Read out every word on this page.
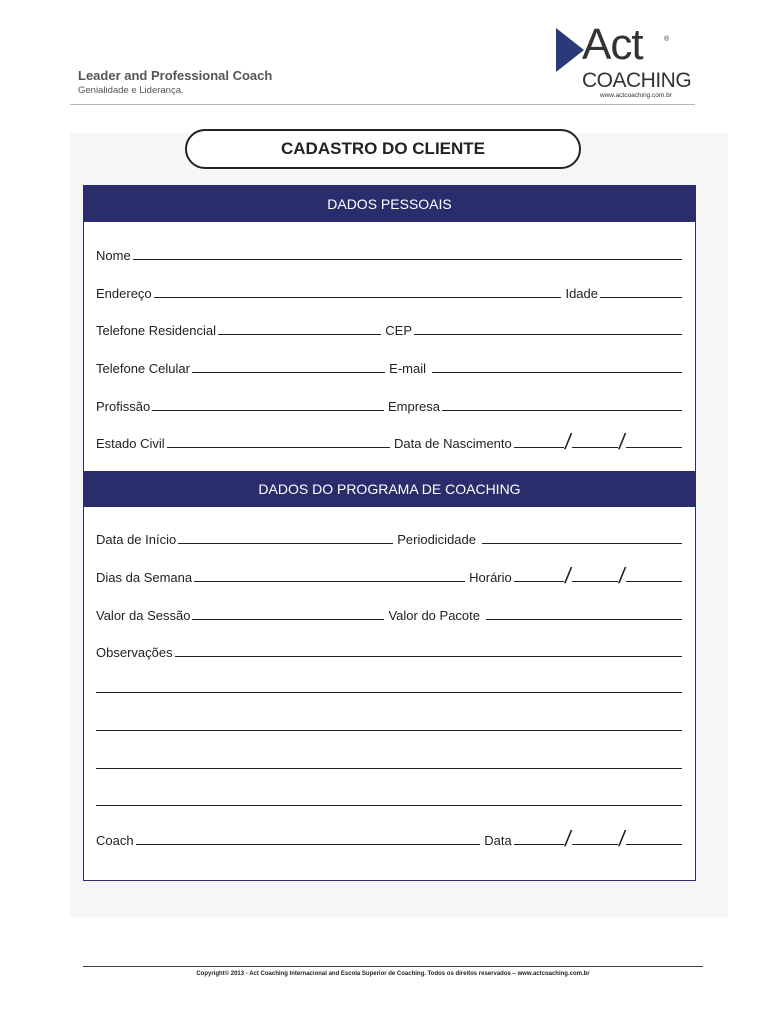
Leader and Professional Coach
Genialidade e Liderança.
Act	®
COACHING
www.actcoaching.com.br
CADASTRO DO CLIENTE
DADOS PESSOAIS
Nome
Endereço	Idade
Telefone Residencial	CEP
Telefone Celular	E-mail
Profissão	Empresa
Estado Civil	Data de Nascimento / /
DADOS DO PROGRAMA DE COACHING
Data de Início	Periodicidade
Dias da Semana	Horário / /
Valor da Sessão	Valor do Pacote
Observações
Coach	Data / /
Copyright© 2013 - Act Coaching Internacional and Escola Superior de Coaching. Todos os direitos reservados – www.actcoaching.com.br
